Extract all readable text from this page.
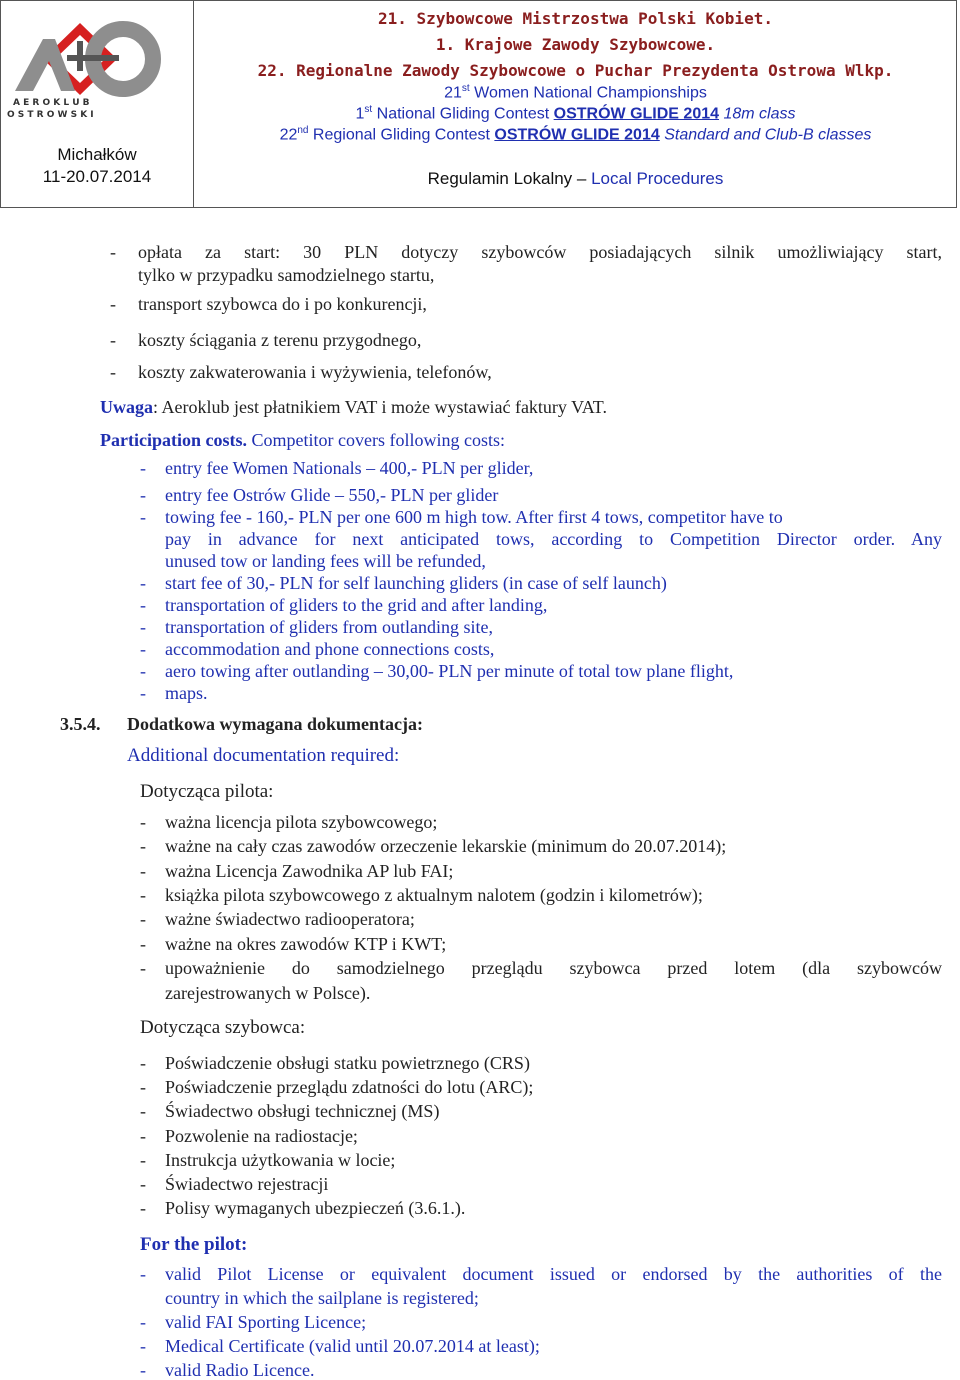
A E R O K L U B
O S T R O W S K I
Michałków
11-20.07.2014
21. Szybowcowe Mistrzostwa Polski Kobiet.
1. Krajowe Zawody Szybowcowe.
22. Regionalne Zawody Szybowcowe o Puchar Prezydenta Ostrowa Wlkp.
21st Women National Championships
1st National Gliding Contest OSTRÓW GLIDE 2014 18m class
22nd Regional Gliding Contest OSTRÓW GLIDE 2014 Standard and Club-B classes
Regulamin Lokalny – Local Procedures
- opłata za start: 30 PLN dotyczy szybowców posiadających silnik umożliwiający start,
tylko w przypadku samodzielnego startu,
- transport szybowca do i po konkurencji,
- koszty ściągania z terenu przygodnego,
- koszty zakwaterowania i wyżywienia, telefonów,
Uwaga: Aeroklub jest płatnikiem VAT i może wystawiać faktury VAT.
Participation costs. Competitor covers following costs:
- entry fee Women Nationals – 400,- PLN per glider,
- entry fee Ostrów Glide – 550,- PLN per glider
- towing fee - 160,- PLN per one 600 m high tow. After first 4 tows, competitor have to
pay in advance for next anticipated tows, according to Competition Director order. Any
unused tow or landing fees will be refunded,
- start fee of 30,- PLN for self launching gliders (in case of self launch)
- transportation of gliders to the grid and after landing,
- transportation of gliders from outlanding site,
- accommodation and phone connections costs,
- aero towing after outlanding – 30,00- PLN per minute of total tow plane flight,
- maps.
3.5.4. Dodatkowa wymagana dokumentacja:
Additional documentation required:
Dotycząca pilota:
- ważna licencja pilota szybowcowego;
- ważne na cały czas zawodów orzeczenie lekarskie (minimum do 20.07.2014);
- ważna Licencja Zawodnika AP lub FAI;
- książka pilota szybowcowego z aktualnym nalotem (godzin i kilometrów);
- ważne świadectwo radiooperatora;
- ważne na okres zawodów KTP i KWT;
- upoważnienie do samodzielnego przeglądu szybowca przed lotem (dla szybowców
zarejestrowanych w Polsce).
Dotycząca szybowca:
- Poświadczenie obsługi statku powietrznego (CRS)
- Poświadczenie przeglądu zdatności do lotu (ARC);
- Świadectwo obsługi technicznej (MS)
- Pozwolenie na radiostacje;
- Instrukcja użytkowania w locie;
- Świadectwo rejestracji
- Polisy wymaganych ubezpieczeń (3.6.1.).
For the pilot:
- valid Pilot License or equivalent document issued or endorsed by the authorities of the
country in which the sailplane is registered;
- valid FAI Sporting Licence;
- Medical Certificate (valid until 20.07.2014 at least);
- valid Radio Licence.
